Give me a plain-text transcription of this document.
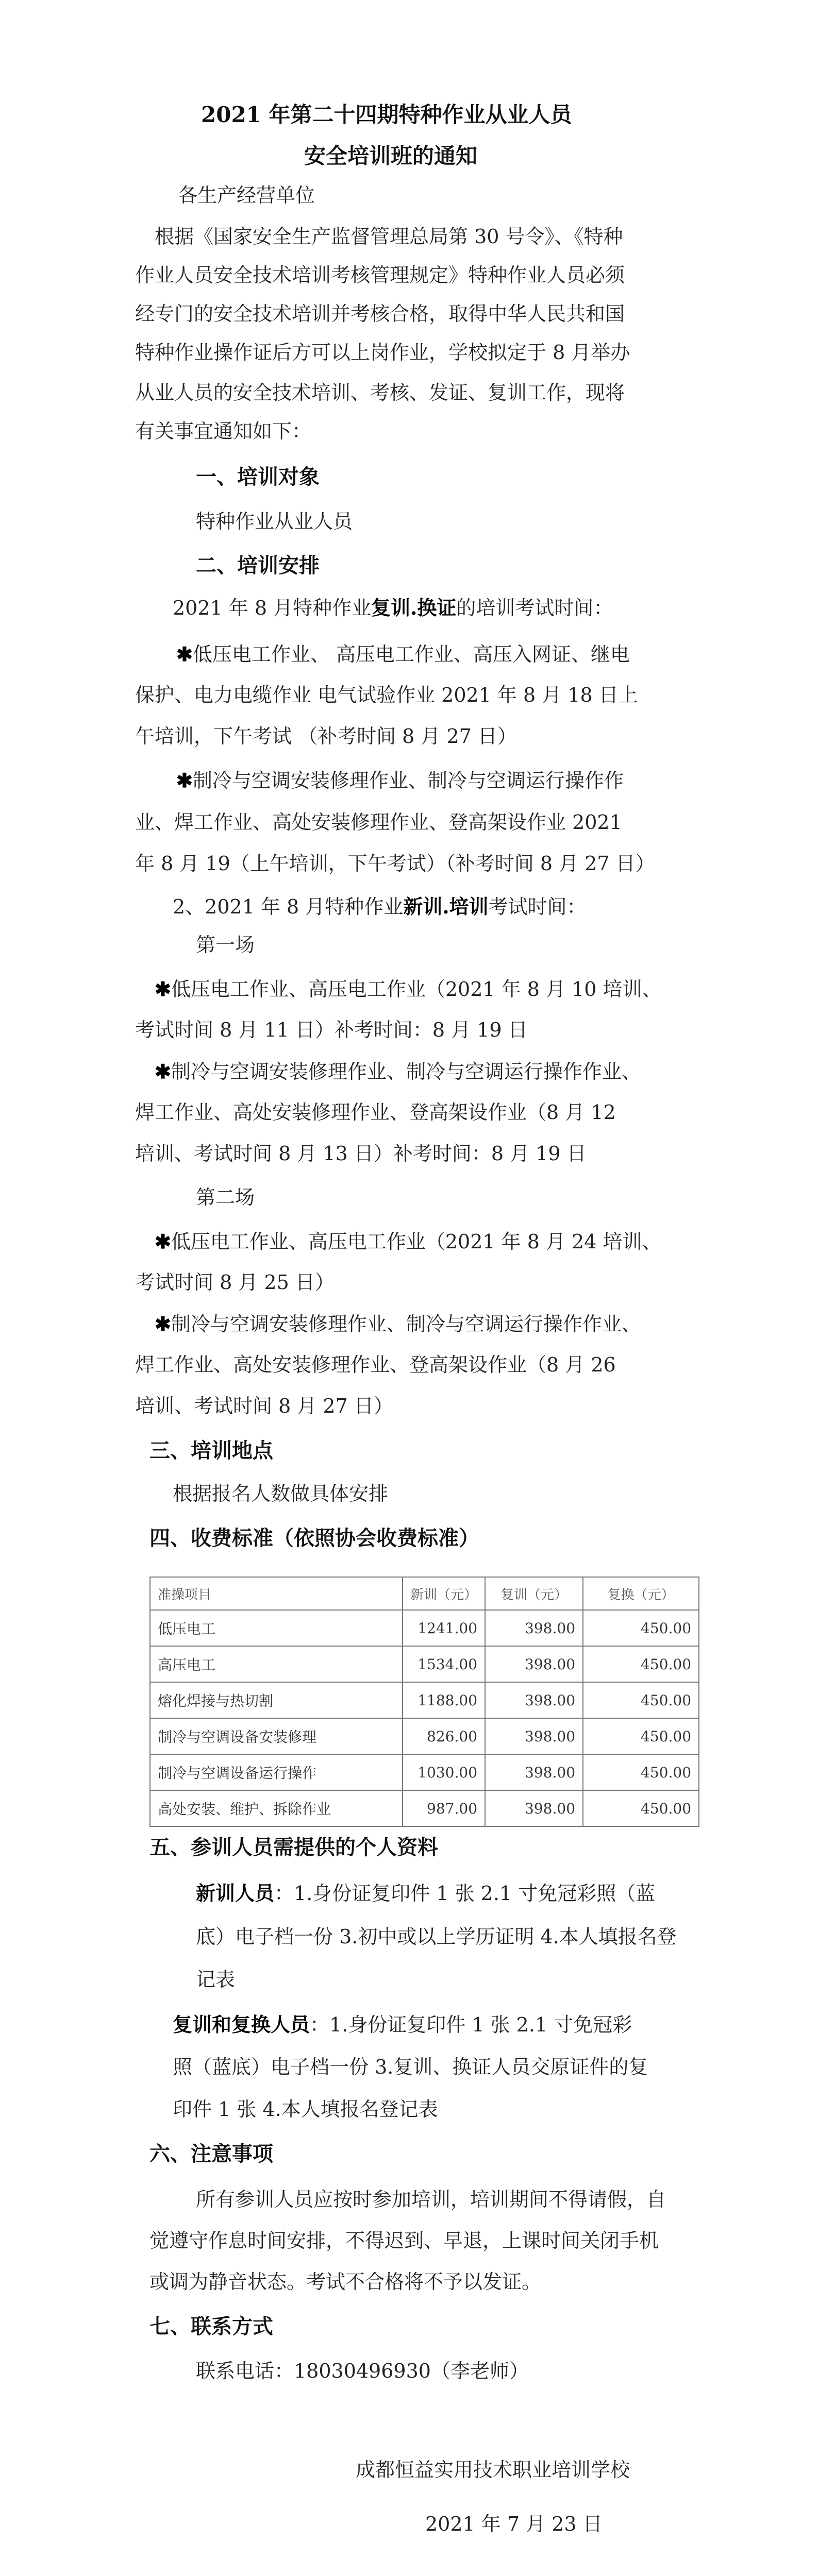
2021 年第二十四期特种作业从业人员

安全培训班的通知

各生产经营单位

根据《国家安全生产监督管理总局第 30 号令》、《特种

作业人员安全技术培训考核管理规定》特种作业人员必须

经专门的安全技术培训并考核合格，取得中华人民共和国

特种作业操作证后方可以上岗作业，学校拟定于 8 月举办

从业人员的安全技术培训、考核、发证、复训工作，现将

有关事宜通知如下：

一、培训对象

特种作业从业人员

二、培训安排

2021 年 8 月特种作业复训.换证的培训考试时间：

✱低压电工作业、 高压电工作业、高压入网证、继电

保护、电力电缆作业 电气试验作业 2021 年 8 月 18 日上

午培训，下午考试 （补考时间 8 月 27 日）

✱制冷与空调安装修理作业、制冷与空调运行操作作

业、焊工作业、高处安装修理作业、登高架设作业 2021

年 8 月 19（上午培训，下午考试）（补考时间 8 月 27 日）

2、2021 年 8 月特种作业新训.培训考试时间：

第一场

✱低压电工作业、高压电工作业（2021 年 8 月 10 培训、

考试时间 8 月 11 日）补考时间：8 月 19 日

✱制冷与空调安装修理作业、制冷与空调运行操作作业、

焊工作业、高处安装修理作业、登高架设作业（8 月 12

培训、考试时间 8 月 13 日）补考时间：8 月 19 日

第二场

✱低压电工作业、高压电工作业（2021 年 8 月 24 培训、

考试时间 8 月 25 日）

✱制冷与空调安装修理作业、制冷与空调运行操作作业、

焊工作业、高处安装修理作业、登高架设作业（8 月 26

培训、考试时间 8 月 27 日）

三、培训地点

根据报名人数做具体安排

四、收费标准（依照协会收费标准）

准操项目	新训（元）	复训（元）	复换（元）
低压电工	1241.00	398.00	450.00
高压电工	1534.00	398.00	450.00
熔化焊接与热切割	1188.00	398.00	450.00
制冷与空调设备安装修理	826.00	398.00	450.00
制冷与空调设备运行操作	1030.00	398.00	450.00
高处安装、维护、拆除作业	987.00	398.00	450.00

五、参训人员需提供的个人资料

新训人员：1.身份证复印件 1 张 2.1 寸免冠彩照（蓝

底）电子档一份 3.初中或以上学历证明 4.本人填报名登

记表

复训和复换人员：1.身份证复印件 1 张 2.1 寸免冠彩

照（蓝底）电子档一份 3.复训、换证人员交原证件的复

印件 1 张 4.本人填报名登记表

六、注意事项

所有参训人员应按时参加培训，培训期间不得请假，自

觉遵守作息时间安排，不得迟到、早退，上课时间关闭手机

或调为静音状态。考试不合格将不予以发证。

七、联系方式

联系电话：18030496930（李老师）

成都恒益实用技术职业培训学校

2021 年 7 月 23 日
